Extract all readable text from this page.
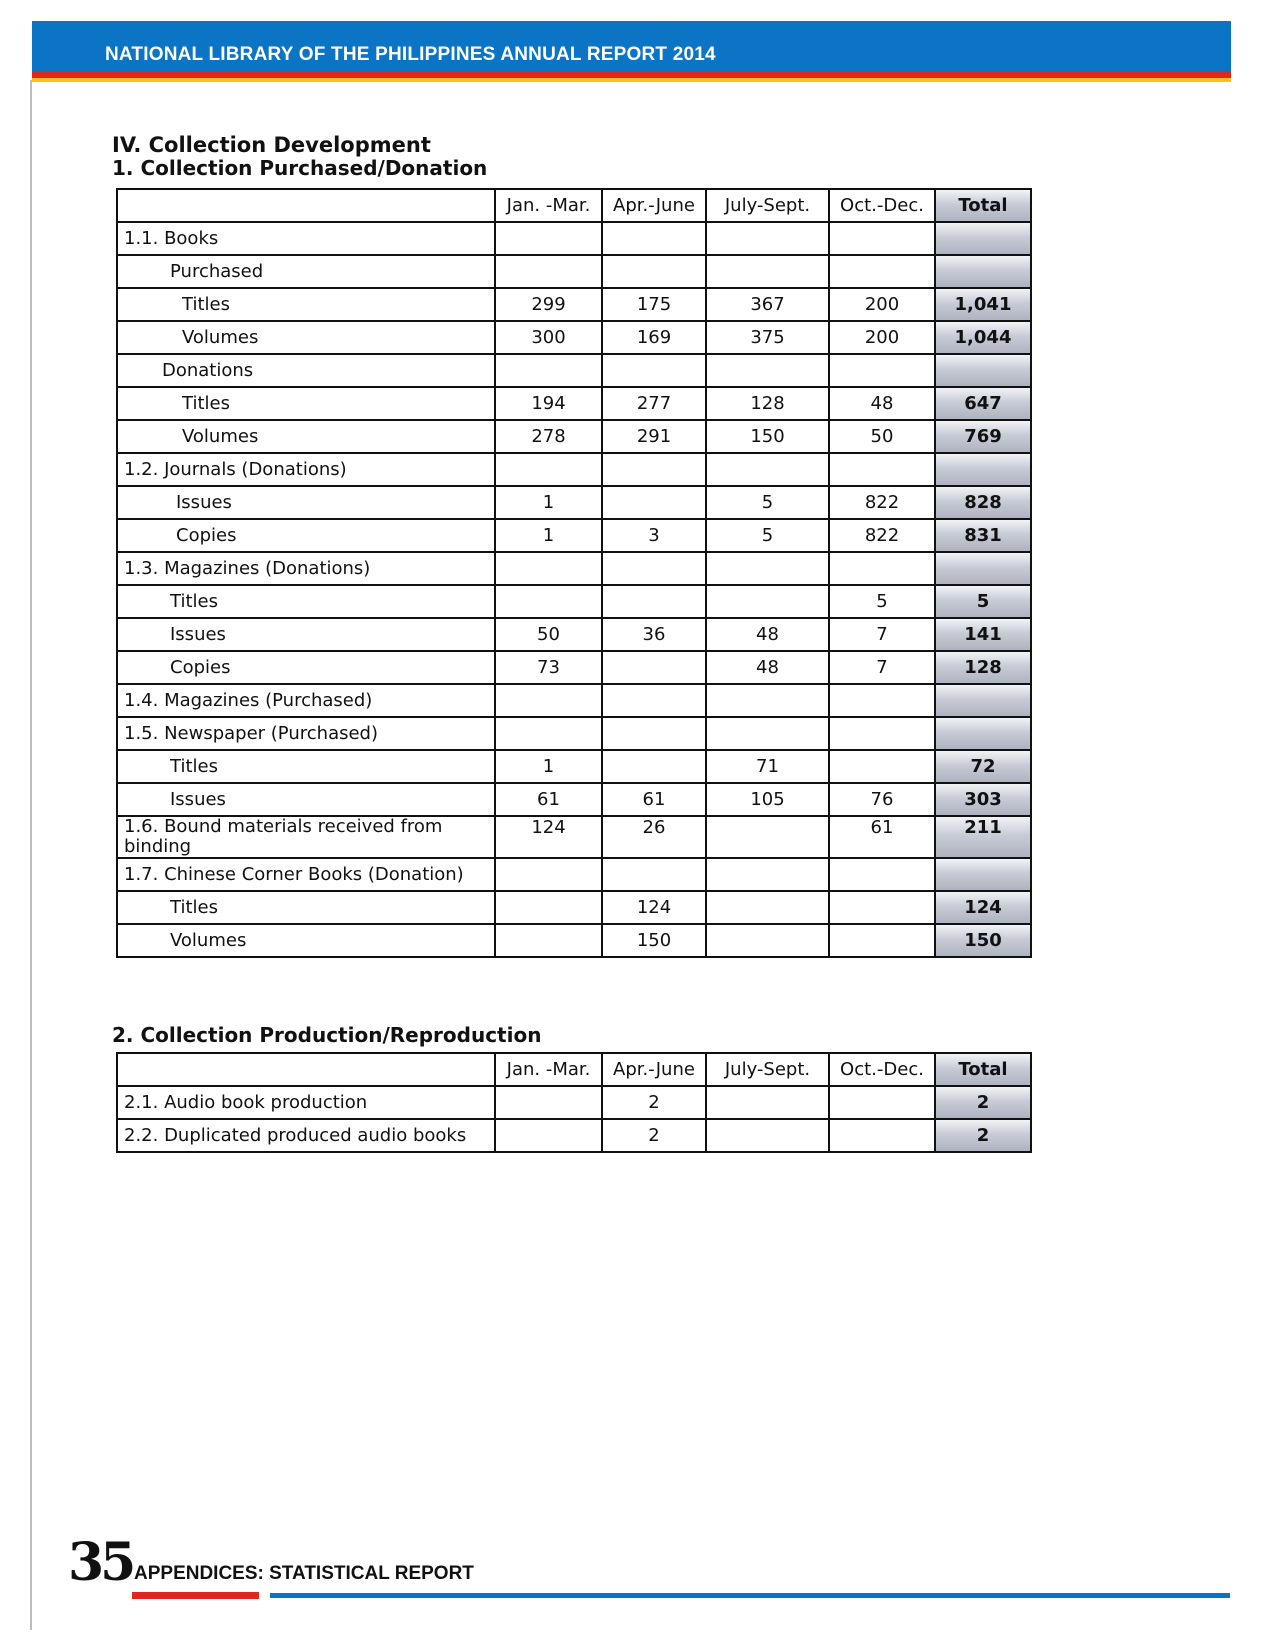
NATIONAL LIBRARY OF THE PHILIPPINES ANNUAL REPORT 2014
IV. Collection Development
1. Collection Purchased/Donation
	Jan. -Mar.	Apr.-June	July-Sept.	Oct.-Dec.	Total
1.1. Books					
Purchased					
Titles	299	175	367	200	1,041
Volumes	300	169	375	200	1,044
Donations					
Titles	194	277	128	48	647
Volumes	278	291	150	50	769
1.2. Journals (Donations)					
Issues	1		5	822	828
Copies	1	3	5	822	831
1.3. Magazines (Donations)					
Titles				5	5
Issues	50	36	48	7	141
Copies	73		48	7	128
1.4. Magazines (Purchased)					
1.5. Newspaper (Purchased)					
Titles	1		71		72
Issues	61	61	105	76	303
1.6. Bound materials received from binding	124	26		61	211
1.7. Chinese Corner Books (Donation)					
Titles		124			124
Volumes		150			150
2. Collection Production/Reproduction
	Jan. -Mar.	Apr.-June	July-Sept.	Oct.-Dec.	Total
2.1. Audio book production		2			2
2.2. Duplicated produced audio books		2			2
35 APPENDICES: STATISTICAL REPORT
